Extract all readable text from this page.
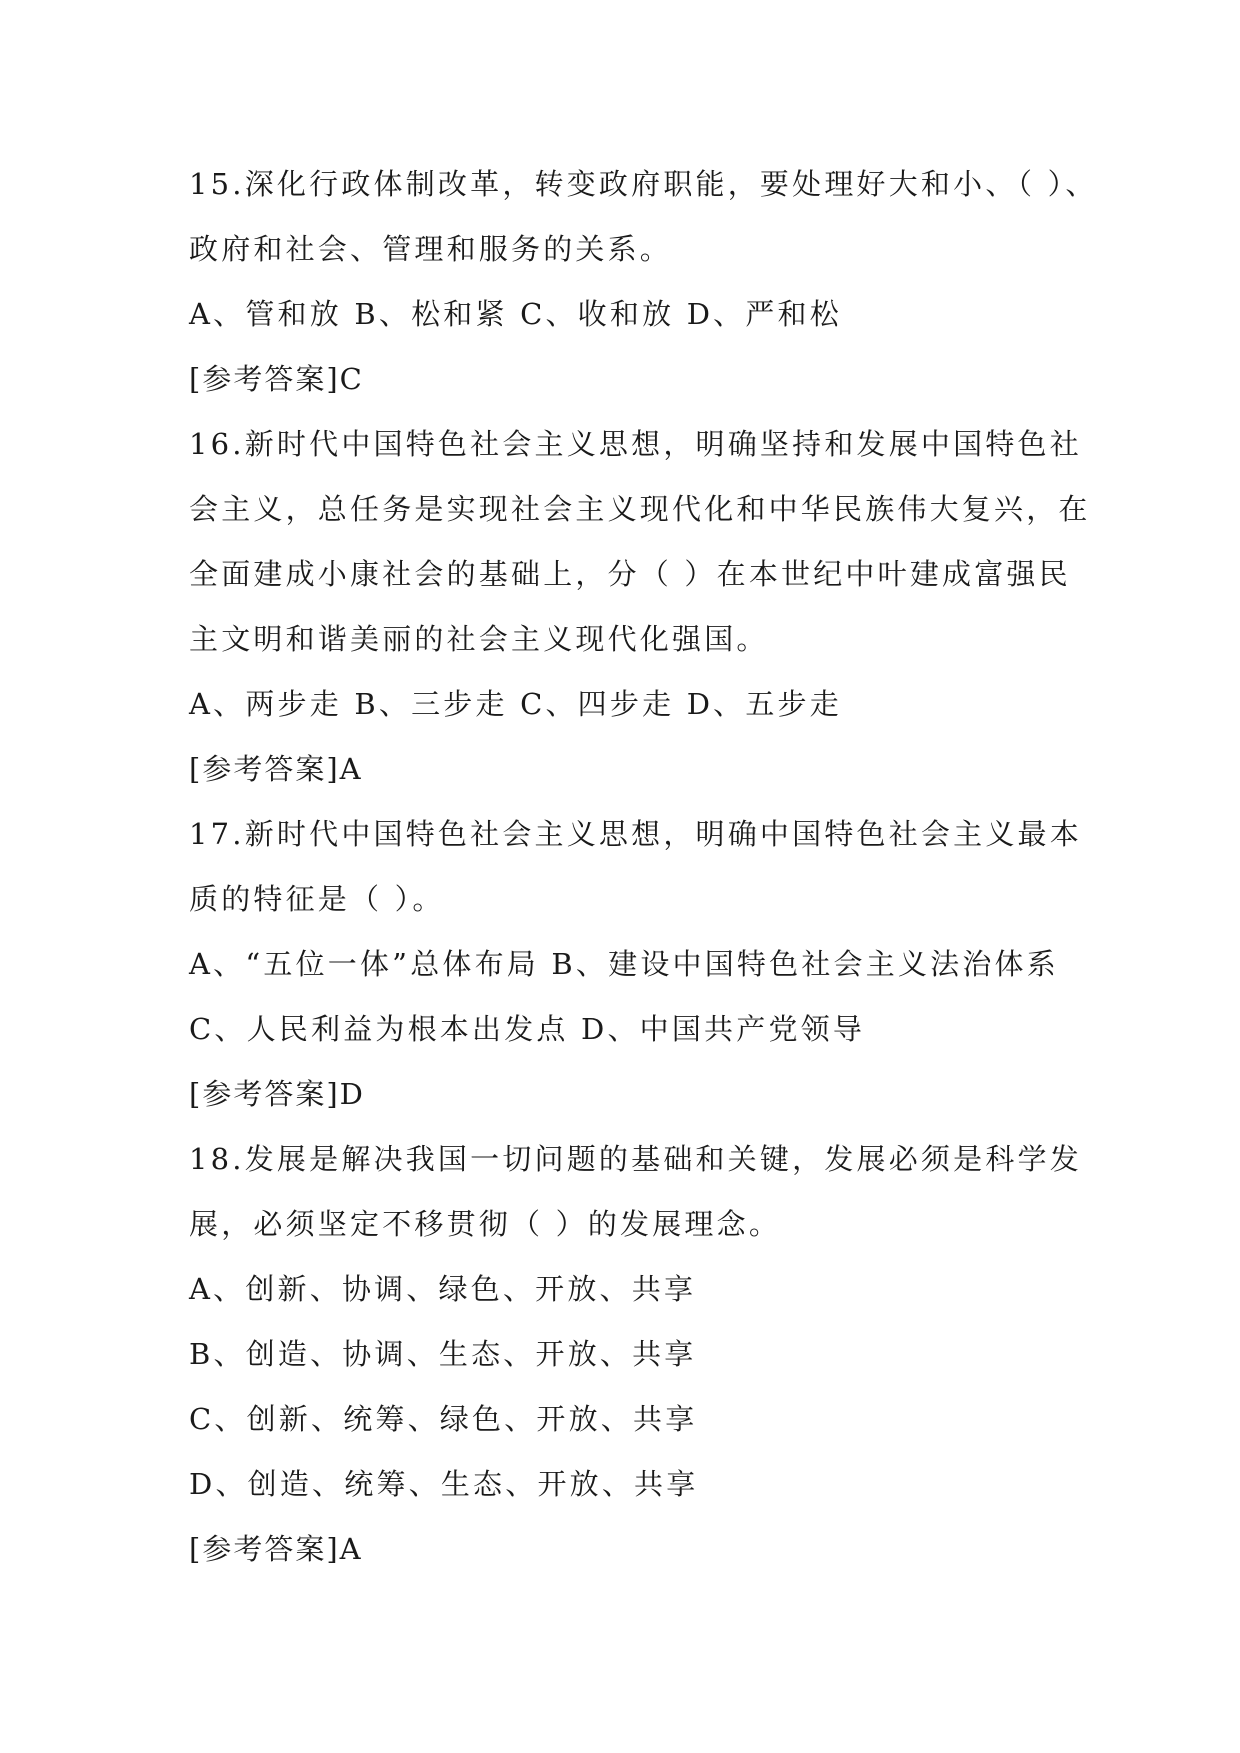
15.深化行政体制改革，转变政府职能，要处理好大和小、（ ）、
政府和社会、管理和服务的关系。
A、管和放 B、松和紧 C、收和放 D、严和松
[参考答案]C
16.新时代中国特色社会主义思想，明确坚持和发展中国特色社
会主义，总任务是实现社会主义现代化和中华民族伟大复兴，在
全面建成小康社会的基础上，分（ ）在本世纪中叶建成富强民
主文明和谐美丽的社会主义现代化强国。
A、两步走 B、三步走 C、四步走 D、五步走
[参考答案]A
17.新时代中国特色社会主义思想，明确中国特色社会主义最本
质的特征是（ ）。
A、“五位一体”总体布局 B、建设中国特色社会主义法治体系
C、人民利益为根本出发点 D、中国共产党领导
[参考答案]D
18.发展是解决我国一切问题的基础和关键，发展必须是科学发
展，必须坚定不移贯彻（ ）的发展理念。
A、创新、协调、绿色、开放、共享
B、创造、协调、生态、开放、共享
C、创新、统筹、绿色、开放、共享
D、创造、统筹、生态、开放、共享
[参考答案]A
